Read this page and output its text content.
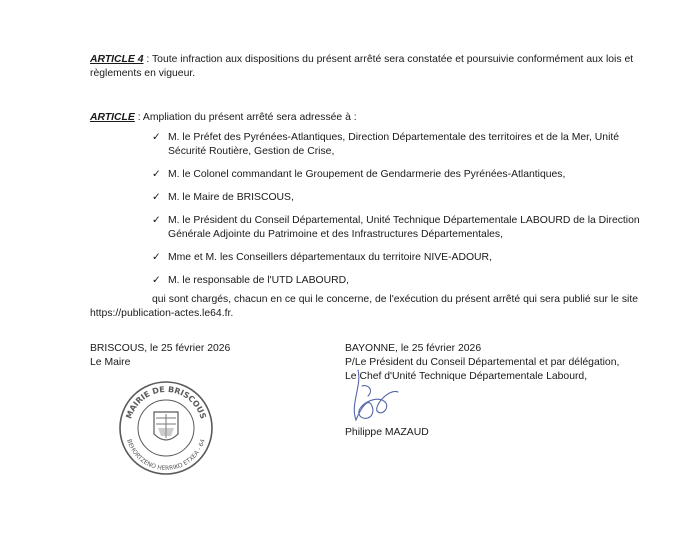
ARTICLE 4 : Toute infraction aux dispositions du présent arrêté sera constatée et poursuivie conformément aux lois et règlements en vigueur.
ARTICLE : Ampliation du présent arrêté sera adressée à :
✓ M. le Préfet des Pyrénées-Atlantiques, Direction Départementale des territoires et de la Mer, Unité Sécurité Routière, Gestion de Crise,
✓ M. le Colonel commandant le Groupement de Gendarmerie des Pyrénées-Atlantiques,
✓ M. le Maire de BRISCOUS,
✓ M. le Président du Conseil Départemental, Unité Technique Départementale LABOURD de la Direction Générale Adjointe du Patrimoine et des Infrastructures Départementales,
✓ Mme et M. les Conseillers départementaux du territoire NIVE-ADOUR,
✓ M. le responsable de l'UTD LABOURD,
qui sont chargés, chacun en ce qui le concerne, de l'exécution du présent arrêté qui sera publié sur le site https://publication-actes.le64.fr.
BRISCOUS, le 25 février 2026
Le Maire
MAIRIE DE BRISCOUS
BEHORTZENO HERRIKO ETXEA - 64
BAYONNE, le 25 février 2026
P/Le Président du Conseil Départemental et par délégation,
Le Chef d'Unité Technique Départementale Labourd,
Philippe MAZAUD
